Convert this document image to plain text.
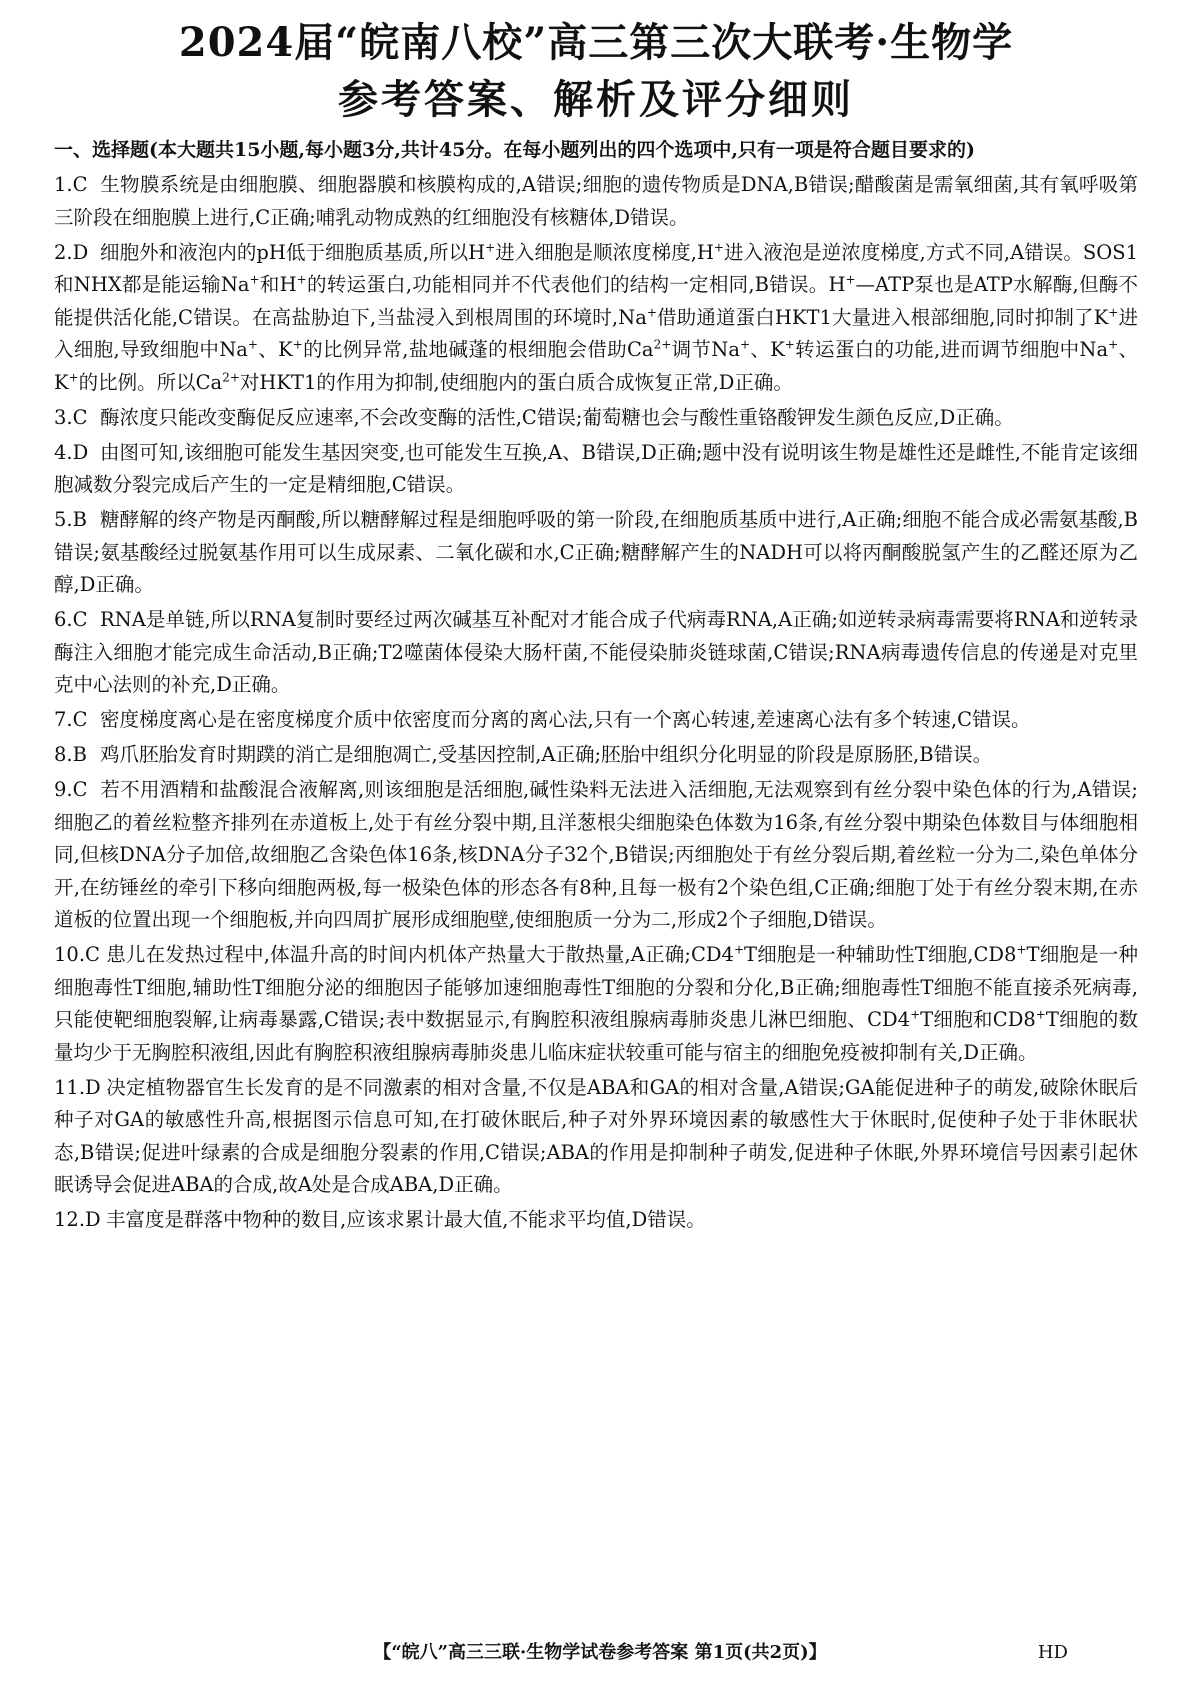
2024届“皖南八校”高三第三次大联考·生物学
参考答案、解析及评分细则

一、选择题(本大题共15小题,每小题3分,共计45分。在每小题列出的四个选项中,只有一项是符合题目要求的)

1.C 生物膜系统是由细胞膜、细胞器膜和核膜构成的,A错误;细胞的遗传物质是DNA,B错误;醋酸菌是需氧细菌,其有氧呼吸第三阶段在细胞膜上进行,C正确;哺乳动物成熟的红细胞没有核糖体,D错误。

2.D 细胞外和液泡内的pH低于细胞质基质,所以H+进入细胞是顺浓度梯度,H+进入液泡是逆浓度梯度,方式不同,A错误。SOS1和NHX都是能运输Na+和H+的转运蛋白,功能相同并不代表他们的结构一定相同,B错误。H+—ATP泵也是ATP水解酶,但酶不能提供活化能,C错误。在高盐胁迫下,当盐浸入到根周围的环境时,Na+借助通道蛋白HKT1大量进入根部细胞,同时抑制了K+进入细胞,导致细胞中Na+、K+的比例异常,盐地碱蓬的根细胞会借助$Ca^{2+}$调节Na+、K+转运蛋白的功能,进而调节细胞中Na+、K+的比例。所以$Ca^{2+}$对HKT1的作用为抑制,使细胞内的蛋白质合成恢复正常,D正确。

3.C 酶浓度只能改变酶促反应速率,不会改变酶的活性,C错误;葡萄糖也会与酸性重铬酸钾发生颜色反应,D正确。

4.D 由图可知,该细胞可能发生基因突变,也可能发生互换,A、B错误,D正确;题中没有说明该生物是雄性还是雌性,不能肯定该细胞减数分裂完成后产生的一定是精细胞,C错误。

5.B 糖酵解的终产物是丙酮酸,所以糖酵解过程是细胞呼吸的第一阶段,在细胞质基质中进行,A正确;细胞不能合成必需氨基酸,B错误;氨基酸经过脱氨基作用可以生成尿素、二氧化碳和水,C正确;糖酵解产生的NADH可以将丙酮酸脱氢产生的乙醛还原为乙醇,D正确。

6.C RNA是单链,所以RNA复制时要经过两次碱基互补配对才能合成子代病毒RNA,A正确;如逆转录病毒需要将RNA和逆转录酶注入细胞才能完成生命活动,B正确;T2噬菌体侵染大肠杆菌,不能侵染肺炎链球菌,C错误;RNA病毒遗传信息的传递是对克里克中心法则的补充,D正确。

7.C 密度梯度离心是在密度梯度介质中依密度而分离的离心法,只有一个离心转速,差速离心法有多个转速,C错误。

8.B 鸡爪胚胎发育时期蹼的消亡是细胞凋亡,受基因控制,A正确;胚胎中组织分化明显的阶段是原肠胚,B错误。

9.C 若不用酒精和盐酸混合液解离,则该细胞是活细胞,碱性染料无法进入活细胞,无法观察到有丝分裂中染色体的行为,A错误;细胞乙的着丝粒整齐排列在赤道板上,处于有丝分裂中期,且洋葱根尖细胞染色体数为16条,有丝分裂中期染色体数目与体细胞相同,但核DNA分子加倍,故细胞乙含染色体16条,核DNA分子32个,B错误;丙细胞处于有丝分裂后期,着丝粒一分为二,染色单体分开,在纺锤丝的牵引下移向细胞两极,每一极染色体的形态各有8种,且每一极有2个染色组,C正确;细胞丁处于有丝分裂末期,在赤道板的位置出现一个细胞板,并向四周扩展形成细胞壁,使细胞质一分为二,形成2个子细胞,D错误。

10.C 患儿在发热过程中,体温升高的时间内机体产热量大于散热量,A正确;CD4+T细胞是一种辅助性T细胞,CD8+T细胞是一种细胞毒性T细胞,辅助性T细胞分泌的细胞因子能够加速细胞毒性T细胞的分裂和分化,B正确;细胞毒性T细胞不能直接杀死病毒,只能使靶细胞裂解,让病毒暴露,C错误;表中数据显示,有胸腔积液组腺病毒肺炎患儿淋巴细胞、CD4+T细胞和CD8+T细胞的数量均少于无胸腔积液组,因此有胸腔积液组腺病毒肺炎患儿临床症状较重可能与宿主的细胞免疫被抑制有关,D正确。

11.D 决定植物器官生长发育的是不同激素的相对含量,不仅是ABA和GA的相对含量,A错误;GA能促进种子的萌发,破除休眠后种子对GA的敏感性升高,根据图示信息可知,在打破休眠后,种子对外界环境因素的敏感性大于休眠时,促使种子处于非休眠状态,B错误;促进叶绿素的合成是细胞分裂素的作用,C错误;ABA的作用是抑制种子萌发,促进种子休眠,外界环境信号因素引起休眠诱导会促进ABA的合成,故A处是合成ABA,D正确。

12.D 丰富度是群落中物种的数目,应该求累计最大值,不能求平均值,D错误。

【“皖八”高三三联·生物学试卷参考答案 第1页(共2页)】	HD
